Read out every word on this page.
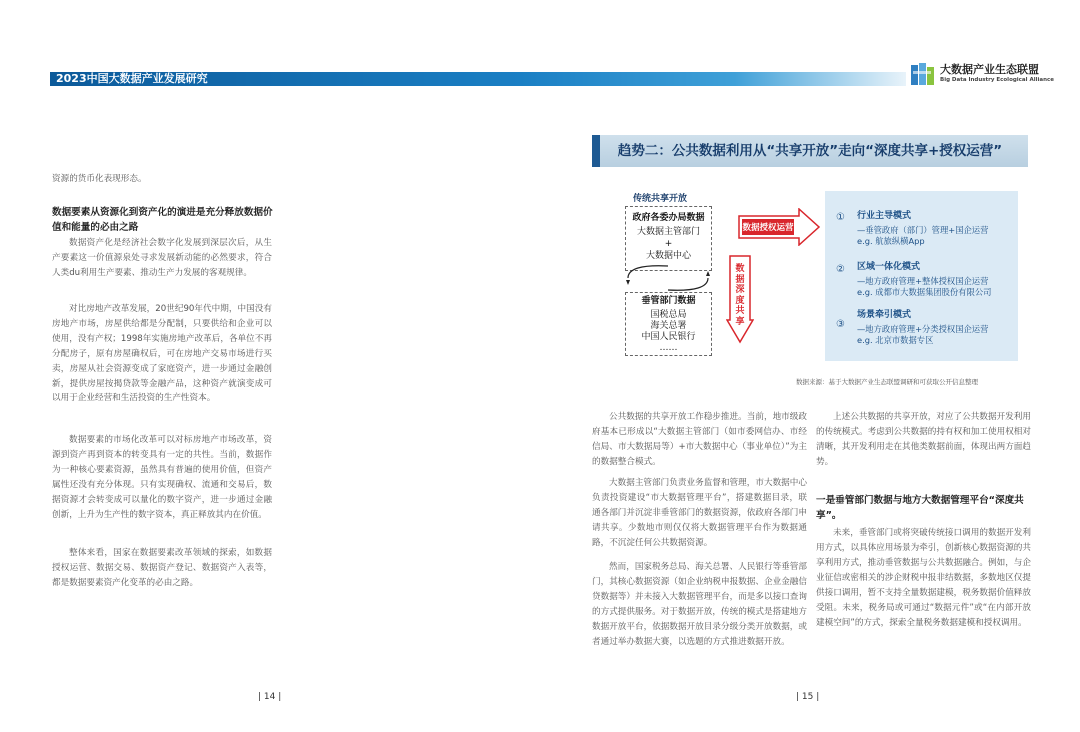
2023中国大数据产业发展研究
大数据产业生态联盟
Big Data Industry Ecological Alliance
资源的货币化表现形态。
数据要素从资源化到资产化的演进是充分释放数据价值和能量的必由之路
数据资产化是经济社会数字化发展到深层次后，从生产要素这一价值源泉处寻求发展新动能的必然要求，符合人类du利用生产要素、推动生产力发展的客观规律。
对比房地产改革发展，20世纪90年代中期，中国没有房地产市场，房屋供给都是分配制，只要供给和企业可以使用，没有产权；1998年实施房地产改革后，各单位不再分配房子，原有房屋确权后，可在房地产交易市场进行买卖，房屋从社会资源变成了家庭资产，进一步通过金融创新，提供房屋按揭贷款等金融产品，这种资产就演变成可以用于企业经营和生活投资的生产性资本。
数据要素的市场化改革可以对标房地产市场改革，资源到资产再到资本的转变具有一定的共性。当前，数据作为一种核心要素资源，虽然具有普遍的使用价值，但资产属性还没有充分体现。只有实现确权、流通和交易后，数据资源才会转变成可以量化的数字资产，进一步通过金融创新，上升为生产性的数字资本，真正释放其内在价值。
整体来看，国家在数据要素改革领域的探索，如数据授权运营、数据交易、数据资产登记、数据资产入表等，都是数据要素资产化变革的必由之路。
| 14 |
趋势二：公共数据利用从“共享开放”走向“深度共享+授权运营”
传统共享开放
政府各委办局数据
大数据主管部门
+
大数据中心
垂管部门数据
国税总局
海关总署
中国人民银行
……
数据授权运营
数据深度共享
① 行业主导模式
—垂管政府（部门）管理+国企运营
e.g. 航旅纵横App
② 区域一体化模式
—地方政府管理+整体授权国企运营
e.g. 成都市大数据集团股份有限公司
③
场景牵引模式
—地方政府管理+分类授权国企运营
e.g. 北京市数据专区
数据来源：基于大数据产业生态联盟调研和可获取公开信息整理
公共数据的共享开放工作稳步推进。当前，地市级政府基本已形成以“大数据主管部门（如市委网信办、市经信局、市大数据局等）+市大数据中心（事业单位）”为主的数据整合模式。
大数据主管部门负责业务监督和管理，市大数据中心负责投资建设“市大数据管理平台”，搭建数据目录，联通各部门并沉淀非垂管部门的数据资源，依政府各部门申请共享。少数地市则仅仅将大数据管理平台作为数据通路，不沉淀任何公共数据资源。
然而，国家税务总局、海关总署、人民银行等垂管部门，其核心数据资源（如企业纳税申报数据、企业金融信贷数据等）并未接入大数据管理平台，而是多以接口查询的方式提供服务。对于数据开放，传统的模式是搭建地方数据开放平台，依据数据开放目录分级分类开放数据，或者通过举办数据大赛，以选题的方式推进数据开放。
上述公共数据的共享开放，对应了公共数据开发利用的传统模式。考虑到公共数据的持有权和加工使用权相对清晰，其开发利用走在其他类数据前面，体现出两方面趋势。
一是垂管部门数据与地方大数据管理平台“深度共享”。
未来，垂管部门或将突破传统接口调用的数据开发利用方式，以具体应用场景为牵引，创新核心数据资源的共享利用方式，推动垂管数据与公共数据融合。例如，与企业征信或密相关的涉企财税申报非结数据，多数地区仅提供接口调用，暂不支持全量数据建模，税务数据价值释放受阻。未来，税务局或可通过“数据元件”或“在内部开放建模空间”的方式，探索全量税务数据建模和授权调用。
| 15 |
